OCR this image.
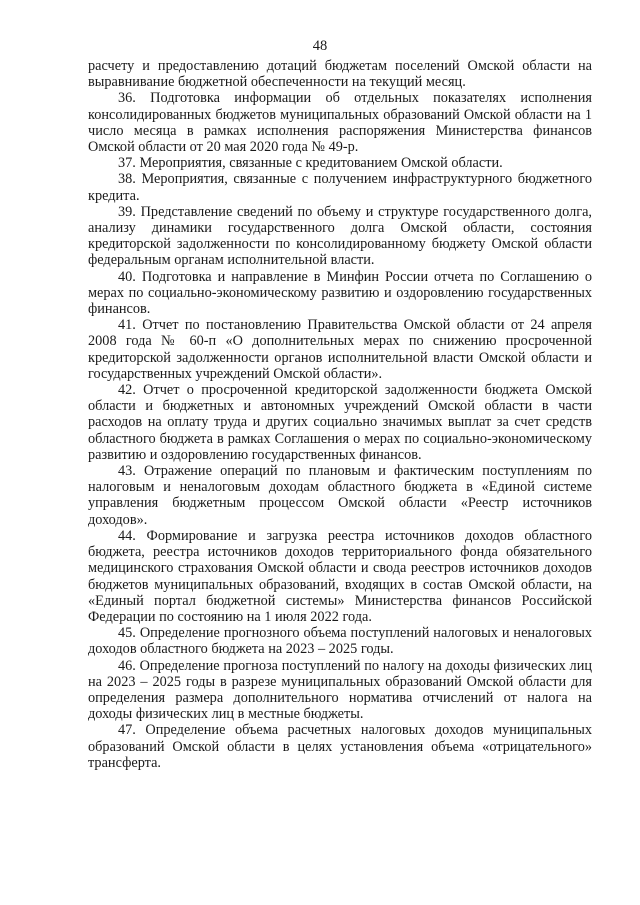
48

расчету и предоставлению дотаций бюджетам поселений Омской области на выравнивание бюджетной обеспеченности на текущий месяц.

36. Подготовка информации об отдельных показателях исполнения консолидированных бюджетов муниципальных образований Омской области на 1 число месяца в рамках исполнения распоряжения Министерства финансов Омской области от 20 мая 2020 года № 49-р.

37. Мероприятия, связанные с кредитованием Омской области.

38. Мероприятия, связанные с получением инфраструктурного бюджетного кредита.

39. Представление сведений по объему и структуре государственного долга, анализу динамики государственного долга Омской области, состояния кредиторской задолженности по консолидированному бюджету Омской области федеральным органам исполнительной власти.

40. Подготовка и направление в Минфин России отчета по Соглашению о мерах по социально-экономическому развитию и оздоровлению государственных финансов.

41. Отчет по постановлению Правительства Омской области от 24 апреля 2008 года № 60-п «О дополнительных мерах по снижению просроченной кредиторской задолженности органов исполнительной власти Омской области и государственных учреждений Омской области».

42. Отчет о просроченной кредиторской задолженности бюджета Омской области и бюджетных и автономных учреждений Омской области в части расходов на оплату труда и других социально значимых выплат за счет средств областного бюджета в рамках Соглашения о мерах по социально-экономическому развитию и оздоровлению государственных финансов.

43. Отражение операций по плановым и фактическим поступлениям по налоговым и неналоговым доходам областного бюджета в «Единой системе управления бюджетным процессом Омской области «Реестр источников доходов».

44. Формирование и загрузка реестра источников доходов областного бюджета, реестра источников доходов территориального фонда обязательного медицинского страхования Омской области и свода реестров источников доходов бюджетов муниципальных образований, входящих в состав Омской области, на «Единый портал бюджетной системы» Министерства финансов Российской Федерации по состоянию на 1 июля 2022 года.

45. Определение прогнозного объема поступлений налоговых и неналоговых доходов областного бюджета на 2023 – 2025 годы.

46. Определение прогноза поступлений по налогу на доходы физических лиц на 2023 – 2025 годы в разрезе муниципальных образований Омской области для определения размера дополнительного норматива отчислений от налога на доходы физических лиц в местные бюджеты.

47. Определение объема расчетных налоговых доходов муниципальных образований Омской области в целях установления объема «отрицательного» трансферта.
